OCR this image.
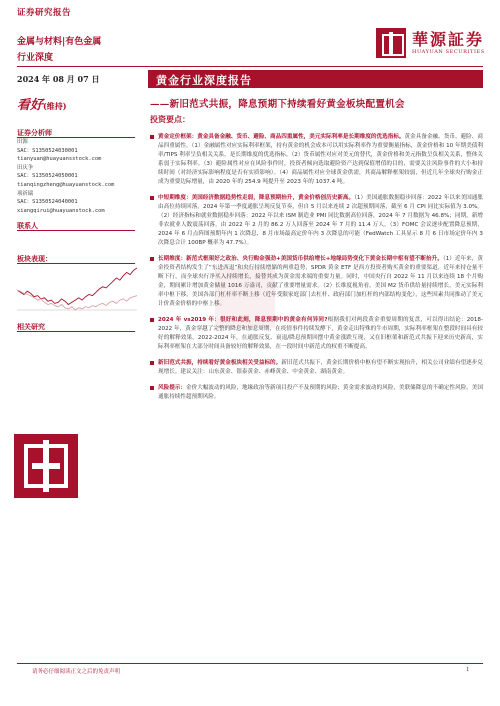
证券研究报告
金属与材料|有色金属
行业深度
華源証券
HUAYUAN SECURITIES
2024 年 08 月 07 日	黄金行业深度报告
看好(维持)	——新旧范式共振，降息预期下持续看好黄金板块配置机会
证券分析师
田源
SAC：S1350524030001
tianyuan@huayuansstock.com
田庆争
SAC：S1350524050001
tianqingzheng@huayuanstock.com
项祈瑞
SAC：S1350524040001
xiangqirui@huayuanstock.com
联系人
板块表现：
相关研究
投资要点：
黄金定价框架：黄金具备金融、货币、避险、商品四重属性，美元实际利率是长期维度的优选指标。黄金具备金融、货币、避险、商品四重属性。（1）金融属性对应实际利率框架，持有黄金的机会成本可以用实际利率作为重要衡量指标，黄金价格和 10 年期美债利率/TIPS 利率呈负相关关系，是长期维度的优选指标。（2）货币属性对应对美元的替代，黄金价格和美元指数呈负相关关系，整体关系弱于实际利率。（3）避险属性对应在风险事件时，投资者倾向选取避险资产达到保值增值的目的，需要关注风险事件的大小和持续时间（对经济实际影响程度是否有实质影响）。（4）商品属性对应全球黄金供需，其商品解释框架较弱，但近几年全球央行购金正成为重要边际增量，由 2020 年的 254.9 吨提升至 2023 年的 1037.4 吨。
中短期维度：美国经济数据趋势性走弱，降息预期抬升，黄金价格创历史新高。（1）美国通胀数据稳步回落：2022 年以来美国通胀由高位持续回落，2024 年第一季度通胀呈现反复节奏，但自 5 月以来连续 2 次超预期回落，截至 6 月 CPI 同比实际值为 3.0%。（2）经济指标和就业数据稳步回落：2022 年以来 ISM 制造业 PMI 同比数据高位回落，2024 年 7 月数据为 46.8%；同期，新增非农就业人数震荡回落，由 2022 年 2 月的 86.2 万人回落至 2024 年 7 月的 11.4 万人。（3）FOMC 会议逐步配置降息预期，2024 年 6 月点阵图预期年内 1 次降息，8 月市场最高定价年内 3 次降息的可能（FedWatch 工具显示 8 月 6 日市场定价年内 3 次降息合计 100BP 概率为 47.7%）。
长期维度：新范式框架好之政治、央行购金强劲+美国货币供给增长+地缘局势变化下黄金长期中枢有望不断抬升。（1）近年来，黄金投资者结构发生了“东进西退”和央行持续增储的两重趋势，SPDR 黄金 ETF 是西方投资者购买黄金的重要渠道，近年来持仓量不断下行，而全球央行净买入持续增长，接替其成为黄金需求端的重要力量。同时，中国央行自 2022 年 11 月以来连续 18 个月购金，期间累计增加黄金储量 1016 万盎司，贡献了重要增量需求。（2）长维度视角看，美国 M2 货币供给量持续增长，美元实际利率中枢下移，美国各部门杠杆率不断上移（近年受限家庭部门去杠杆、政府部门加杠杆的内部结构变化），这些因素共同推动了美元计价黄金价格的中枢上移。
2024 年 vs2019 年：很好和此刻，降息预期中的黄金有何异同?根据我们对两段黄金重要周期的复盘，可以得出结论：2018-2022 年，黄金穿越了完整的降息和加息周期，在疫情事件持续发酵下，黄金走出特殊的牛市周期，实际利率框架在整段时间具有较好的解释效果。2022-2024 年，在通胀反复、衰退/降息预期回摆中黄金涨跌互现，又在旧框架和新范式共振下迎来历史新高，实际利率框架在大部分时间具备较好的解释效果，在一段时间中新范式的权重不断提高。
新旧范式共振，持续看好黄金板块相关受益标的。新旧范式共振下，黄金长期价格中枢有望不断实现抬升，相关公司业绩有望逐步兑现增长。建议关注：山东黄金、银泰黄金、赤峰黄金、中金黄金、湖南黄金。
风险提示：金价大幅波动的风险，地缘政治等新项目投产不及预期的风险；黄金需求波动的风险，美联储降息的不确定性风险，美国通胀持续性超预期风险。
请务必仔细阅读正文之后的免责声明	1
